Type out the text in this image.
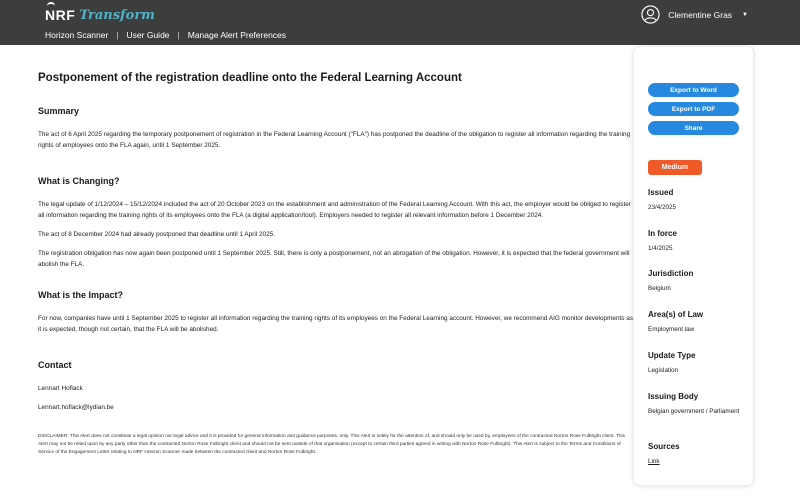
NRF Transform	Clementine Gras ▼
Horizon Scanner | User Guide | Manage Alert Preferences
Postponement of the registration deadline onto the Federal Learning Account
Summary
The act of 6 April 2025 regarding the temporary postponement of registration in the Federal Learning Account ("FLA") has postponed the deadline of the obligation to register all information regarding the training rights of employees onto the FLA again, until 1 September 2025.
What is Changing?
The legal update of 1/12/2024 – 15/12/2024 included the act of 20 October 2023 on the establishment and administration of the Federal Learning Account. With this act, the employer would be obliged to register all information regarding the training rights of its employees onto the FLA (a digital application/tool). Employers needed to register all relevant information before 1 December 2024.
The act of 8 December 2024 had already postponed that deadline until 1 April 2025.
The registration obligation has now again been postponed until 1 September 2025. Still, there is only a postponement, not an abrogation of the obligation. However, it is expected that the federal government will abolish the FLA.
What is the Impact?
For now, companies have until 1 September 2025 to register all information regarding the training rights of its employees on the Federal Learning account. However, we recommend AIG monitor developments as it is expected, though not certain, that the FLA will be abolished.
Contact
Lennart Hoflack
Lennart.hoflack@lydian.be
DISCLAIMER: This Alert does not constitute a legal opinion nor legal advice and it is provided for general information and guidance purposes, only. This Alert is solely for the attention of, and should only be used by, employees of the contracted Norton Rose Fulbright client. This Alert may not be relied upon by any party other than the contracted Norton Rose Fulbright client and should not be sent outside of that organisation (except to certain third parties agreed in writing with Norton Rose Fulbright). This Alert is subject to the Terms and Conditions of Service of the Engagement Letter relating to NRF Horizon Scanner made between the contracted client and Norton Rose Fulbright.
Export to Word
Export to PDF
Share
Medium
Issued
23/4/2025
In force
1/4/2025
Jurisdiction
Belgium
Area(s) of Law
Employment law
Update Type
Legislation
Issuing Body
Belgian government / Parliament
Sources
Link
